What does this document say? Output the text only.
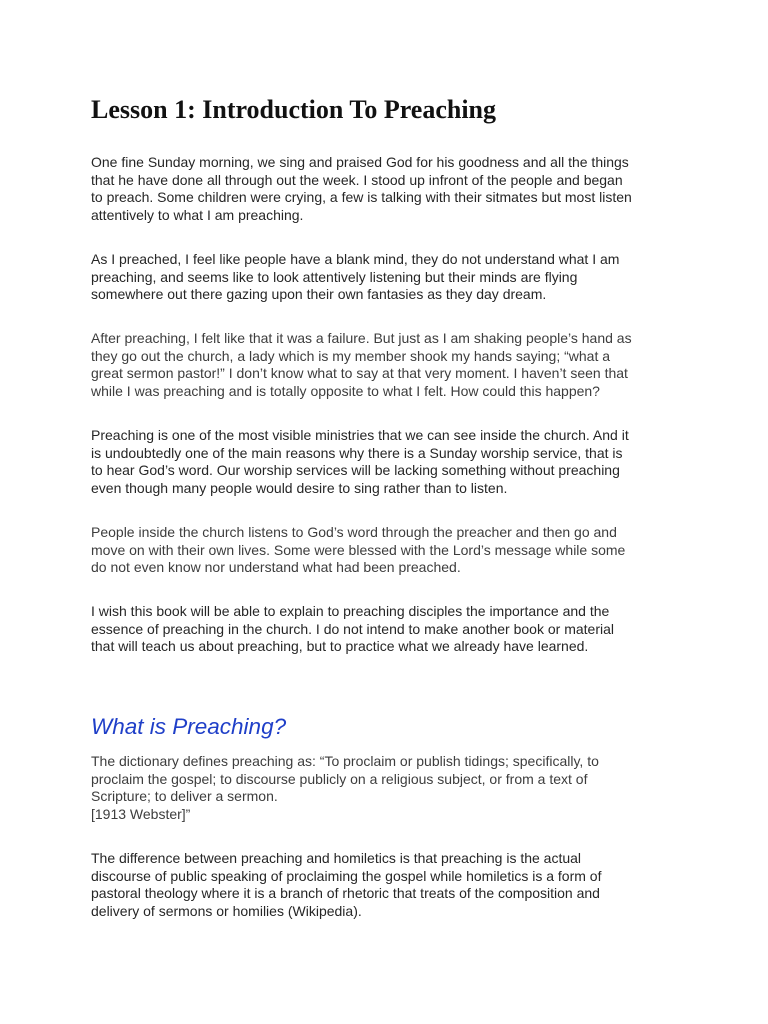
Lesson 1: Introduction To Preaching
One fine Sunday morning, we sing and praised God for his goodness and all the things
that he have done all through out the week. I stood up infront of the people and began
to preach. Some children were crying, a few is talking with their sitmates but most listen
attentively to what I am preaching.
As I preached, I feel like people have a blank mind, they do not understand what I am
preaching, and seems like to look attentively listening but their minds are flying
somewhere out there gazing upon their own fantasies as they day dream.
After preaching, I felt like that it was a failure. But just as I am shaking people’s hand as
they go out the church, a lady which is my member shook my hands saying; “what a
great sermon pastor!” I don’t know what to say at that very moment. I haven’t seen that
while I was preaching and is totally opposite to what I felt. How could this happen?
Preaching is one of the most visible ministries that we can see inside the church. And it
is undoubtedly one of the main reasons why there is a Sunday worship service, that is
to hear God’s word. Our worship services will be lacking something without preaching
even though many people would desire to sing rather than to listen.
People inside the church listens to God’s word through the preacher and then go and
move on with their own lives. Some were blessed with the Lord’s message while some
do not even know nor understand what had been preached.
I wish this book will be able to explain to preaching disciples the importance and the
essence of preaching in the church. I do not intend to make another book or material
that will teach us about preaching, but to practice what we already have learned.
What is Preaching?
The dictionary defines preaching as: “To proclaim or publish tidings; specifically, to
proclaim the gospel; to discourse publicly on a religious subject, or from a text of
Scripture; to deliver a sermon.
[1913 Webster]”
The difference between preaching and homiletics is that preaching is the actual
discourse of public speaking of proclaiming the gospel while homiletics is a form of
pastoral theology where it is a branch of rhetoric that treats of the composition and
delivery of sermons or homilies (Wikipedia).
